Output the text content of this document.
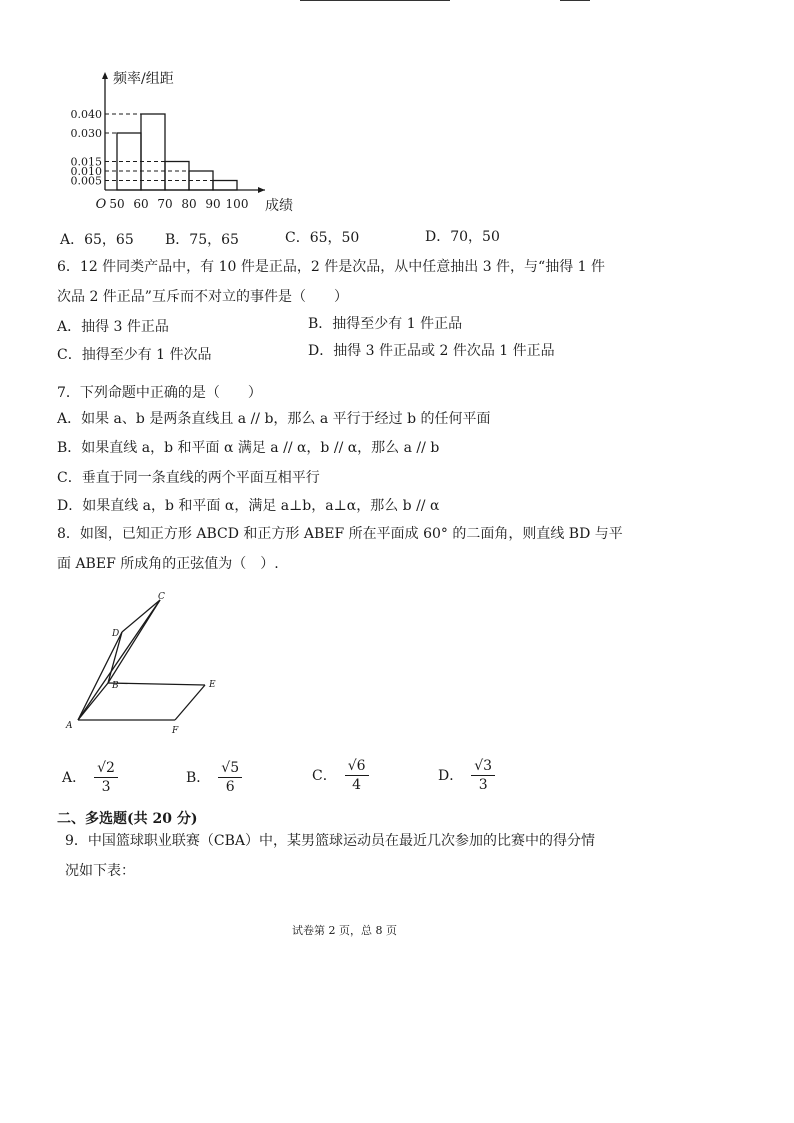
0.040
0.030
0.015
0.010
0.005
频率/组距
成绩
O 50 60 70 80 90 100
A．65，65 B．75，65	C．65，50	D．70，50
6．12 件同类产品中，有 10 件是正品，2 件是次品，从中任意抽出 3 件，与“抽得 1 件
次品 2 件正品”互斥而不对立的事件是（　　）
A．抽得 3 件正品	B．抽得至少有 1 件正品
C．抽得至少有 1 件次品	D．抽得 3 件正品或 2 件次品 1 件正品
7．下列命题中正确的是（　　）
A．如果 a、b 是两条直线且 a // b，那么 a 平行于经过 b 的任何平面
B．如果直线 a，b 和平面 α 满足 a // α，b // α，那么 a // b
C．垂直于同一条直线的两个平面互相平行
D．如果直线 a，b 和平面 α，满足 a⊥b，a⊥α，那么 b // α
8．如图，已知正方形 ABCD 和正方形 ABEF 所在平面成 60° 的二面角，则直线 BD 与平
面 ABEF 所成角的正弦值为（　）.
A
B
C
D
E
F
A． $\frac{√2}{3}$	B． $\frac{√5}{6}$	C． $\frac{√6}{4}$	D． $\frac{√3}{3}$
二、多选题(共 20 分)
9．中国篮球职业联赛（CBA）中，某男篮球运动员在最近几次参加的比赛中的得分情
况如下表：
试卷第 2 页，总 8 页
